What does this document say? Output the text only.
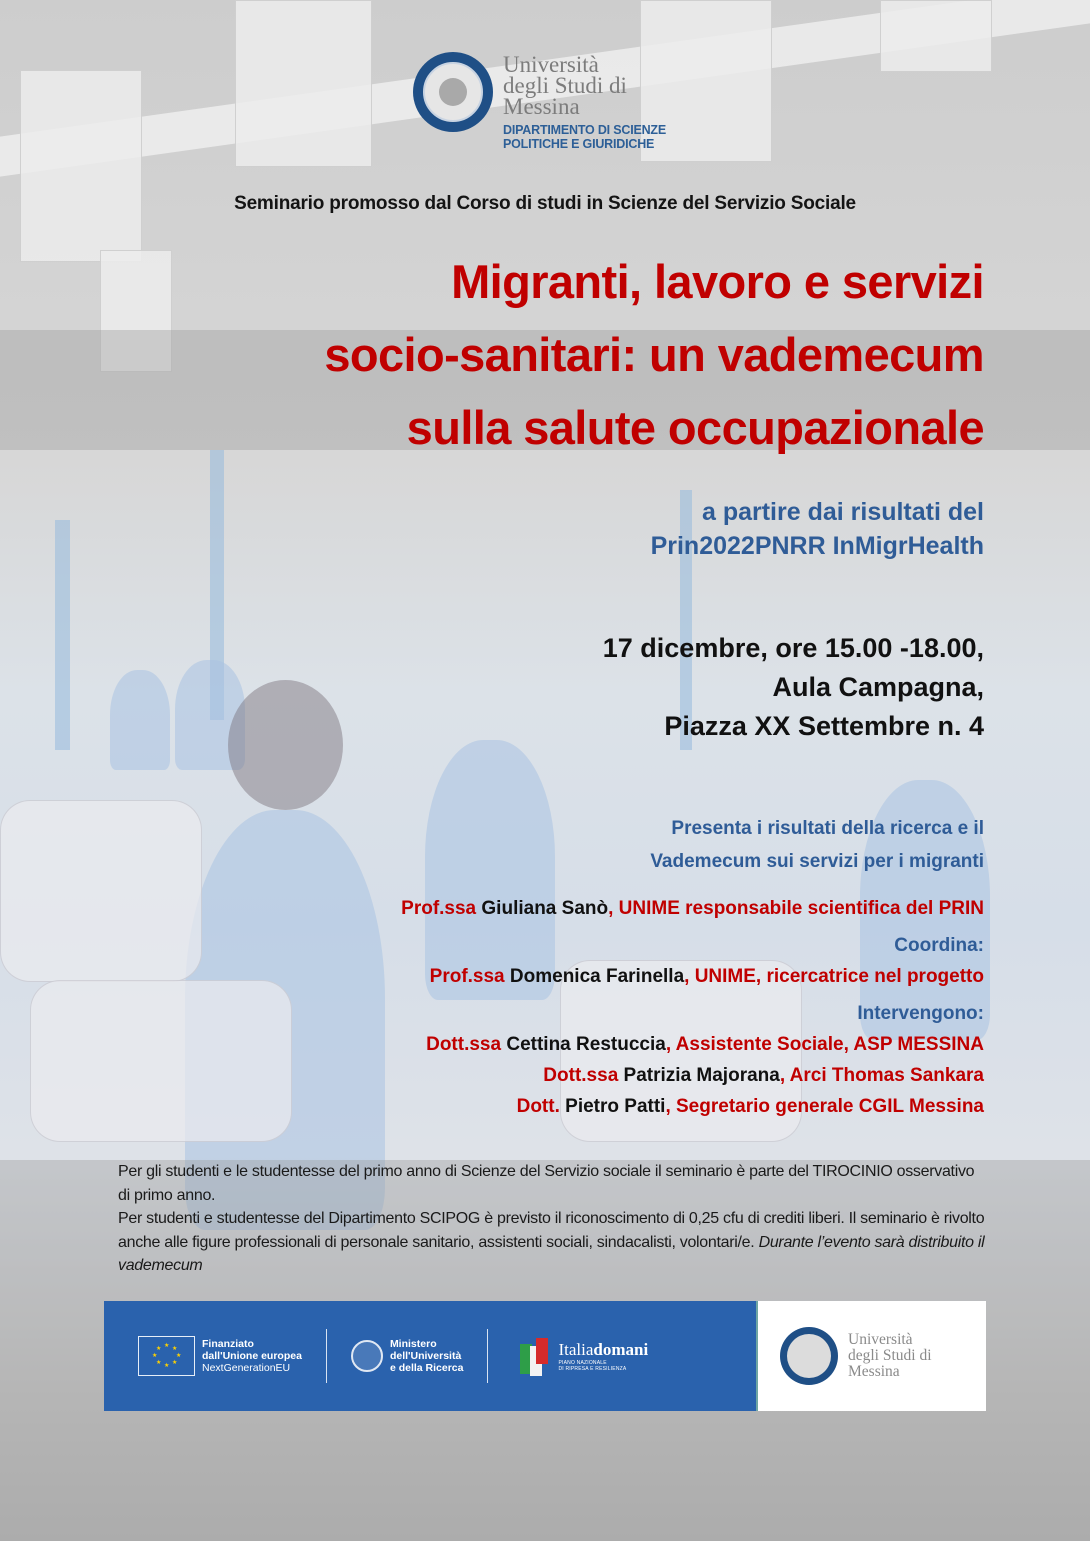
Università
degli Studi di
Messina
DIPARTIMENTO DI SCIENZE
POLITICHE E GIURIDICHE
Seminario promosso dal Corso di studi in Scienze del Servizio Sociale
Migranti, lavoro e servizi
socio-sanitari: un vademecum
sulla salute occupazionale
a partire dai risultati del
Prin2022PNRR InMigrHealth
17 dicembre, ore 15.00 -18.00,
Aula Campagna,
Piazza XX Settembre n. 4
Presenta i risultati della ricerca e il
Vademecum sui servizi per i migranti
Prof.ssa Giuliana Sanò, UNIME responsabile scientifica del PRIN
Coordina:
Prof.ssa Domenica Farinella, UNIME, ricercatrice nel progetto
Intervengono:
Dott.ssa Cettina Restuccia, Assistente Sociale, ASP MESSINA
Dott.ssa Patrizia Majorana, Arci Thomas Sankara
Dott. Pietro Patti, Segretario generale CGIL Messina
Per gli studenti e le studentesse del primo anno di Scienze del Servizio sociale il seminario è parte del TIROCINIO osservativo di primo anno.
Per studenti e studentesse del Dipartimento SCIPOG è previsto il riconoscimento di 0,25 cfu di crediti liberi. Il seminario è rivolto anche alle figure professionali di personale sanitario, assistenti sociali, sindacalisti, volontari/e. Durante l’evento sarà distribuito il vademecum
★ ★
★
★
★
★
★
★	Finanziato
dall'Unione europea
NextGenerationEU
Ministero
dell'Università
e della Ricerca
Italiadomani
PIANO NAZIONALE
DI RIPRESA E RESILIENZA
Università
degli Studi di
Messina
